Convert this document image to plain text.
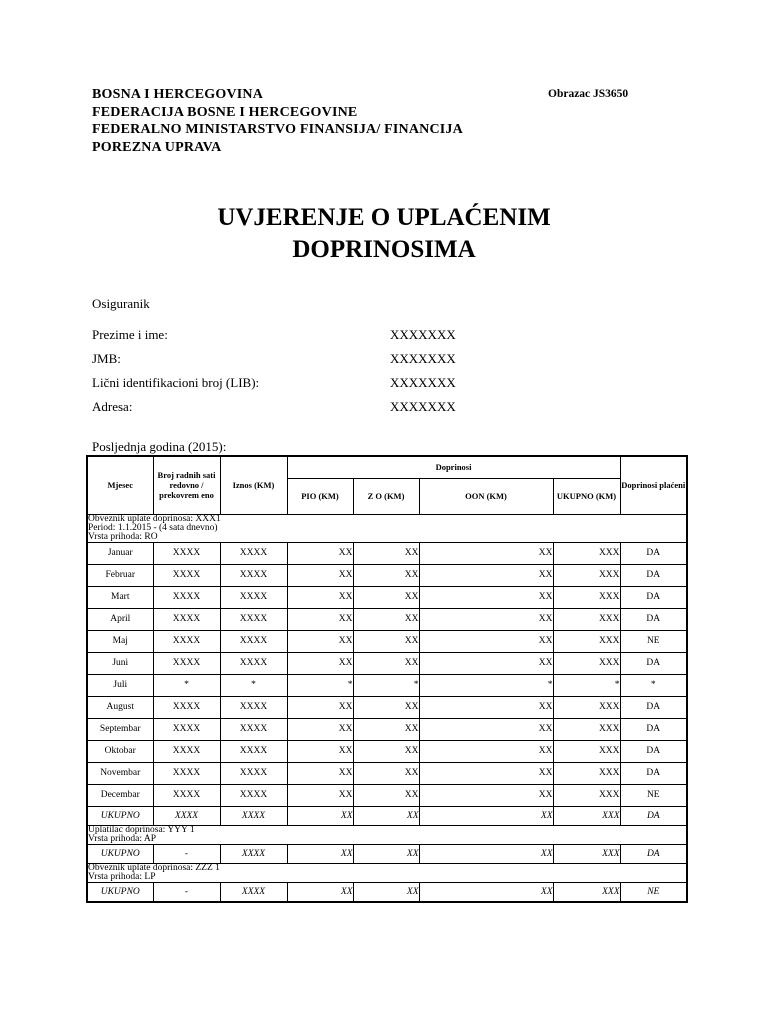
BOSNA I HERCEGOVINA
FEDERACIJA BOSNE I HERCEGOVINE
FEDERALNO MINISTARSTVO FINANSIJA/ FINANCIJA
POREZNA UPRAVA
Obrazac JS3650
UVJERENJE O UPLAĆENIM
DOPRINOSIMA
Osiguranik
Prezime i ime:	XXXXXXX
JMB:	XXXXXXX
Lični identifikacioni broj (LIB):	XXXXXXX
Adresa:	XXXXXXX
Posljednja godina (2015):
Mjesec	Broj radnih sati redovno / prekovrem eno	Iznos (KM)	Doprinosi				Doprinosi plaćeni
			PIO (KM)	Z O (KM)	OON (KM)	UKUPNO (KM)	

Obveznik uplate doprinosa: XXX1
Period: 1.1.2015 - (4 sata dnevno)
Vrsta prihoda: RO							

Januar	XXXX	XXXX	XX	XX	XX	XXX	DA
Februar	XXXX	XXXX	XX	XX	XX	XXX	DA
Mart	XXXX	XXXX	XX	XX	XX	XXX	DA
April	XXXX	XXXX	XX	XX	XX	XXX	DA
Maj	XXXX	XXXX	XX	XX	XX	XXX	NE
Juni	XXXX	XXXX	XX	XX	XX	XXX	DA
Juli	*	*	*	*	*	*	*
August	XXXX	XXXX	XX	XX	XX	XXX	DA
Septembar	XXXX	XXXX	XX	XX	XX	XXX	DA
Oktobar	XXXX	XXXX	XX	XX	XX	XXX	DA
Novembar	XXXX	XXXX	XX	XX	XX	XXX	DA
Decembar	XXXX	XXXX	XX	XX	XX	XXX	NE
UKUPNO	XXXX	XXXX	XX	XX	XX	XXX	DA

Uplatilac doprinosa: YYY 1
Vrsta prihoda: AP							

UKUPNO	-	XXXX	XX	XX	XX	XXX	DA

Obveznik uplate doprinosa: ZZZ 1
Vrsta prihoda: LP							

UKUPNO	-	XXXX	XX	XX	XX	XXX	NE
